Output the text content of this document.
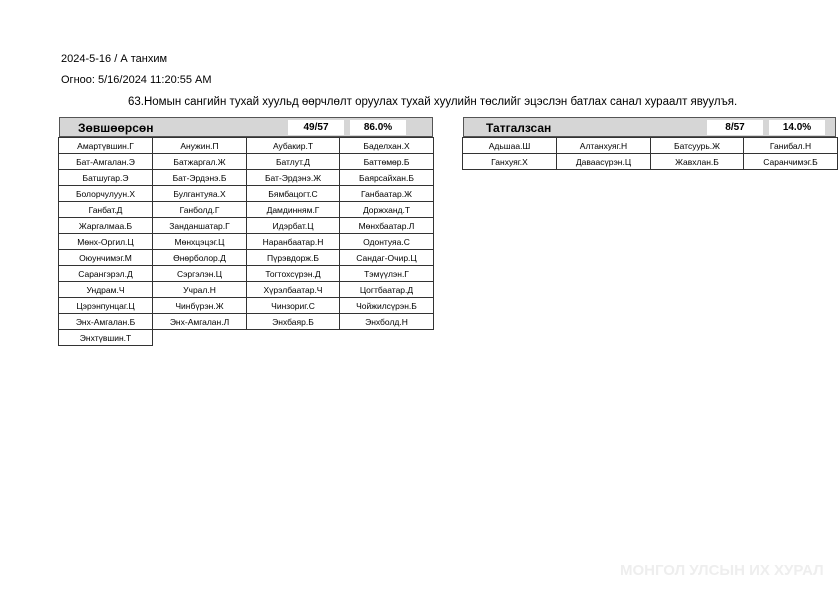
2024-5-16 / А танхим
Огноо: 5/16/2024 11:20:55 AM
63.Номын сангийн тухай хуульд өөрчлөлт оруулах тухай хуулийн төслийг эцэслэн батлах санал хураалт явуулъя.
Зөвшөөрсөн	49/57	86.0%
Амартүвшин.Г	Анужин.П	Аубакир.Т	Баделхан.Х
Бат-Амгалан.Э	Батжаргал.Ж	Батлут.Д	Баттөмөр.Б
Батшугар.Э	Бат-Эрдэнэ.Б	Бат-Эрдэнэ.Ж	Баярсайхан.Б
Болорчулуун.Х	Булгантуяа.Х	Бямбацогт.С	Ганбаатар.Ж
Ганбат.Д	Ганболд.Г	Дамдинням.Г	Доржханд.Т
Жаргалмаа.Б	Занданшатар.Г	Идэрбат.Ц	Мөнхбаатар.Л
Мөнх-Оргил.Ц	Мөнхцэцэг.Ц	Наранбаатар.Н	Одонтуяа.С
Оюунчимэг.М	Өнөрболор.Д	Пүрэвдорж.Б	Сандаг-Очир.Ц
Сарангэрэл.Д	Сэргэлэн.Ц	Тогтохсүрэн.Д	Тэмүүлэн.Г
Ундрам.Ч	Учрал.Н	Хүрэлбаатар.Ч	Цогтбаатар.Д
Цэрэнпунцаг.Ц	Чинбүрэн.Ж	Чинзориг.С	Чойжилсүрэн.Б
Энх-Амгалан.Б	Энх-Амгалан.Л	Энхбаяр.Б	Энхболд.Н
Энхтүвшин.Т			
Татгалзсан	8/57	14.0%
Адьшаа.Ш	Алтанхуяг.Н	Батсуурь.Ж	Ганибал.Н
Ганхуяг.Х	Даваасүрэн.Ц	Жавхлан.Б	Саранчимэг.Б
МОНГОЛ УЛСЫН ИХ ХУРАЛ
